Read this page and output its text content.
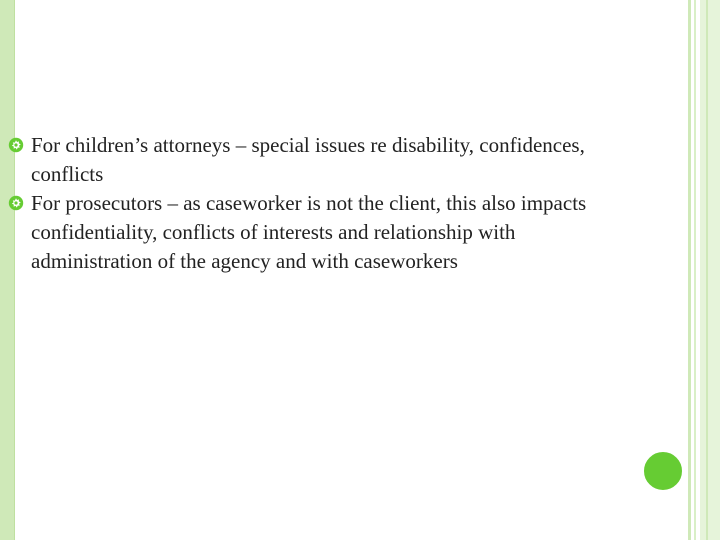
For children’s attorneys – special issues re disability, confidences, conflicts
For prosecutors – as caseworker is not the client, this also impacts confidentiality, conflicts of interests and relationship with administration of the agency and with caseworkers
